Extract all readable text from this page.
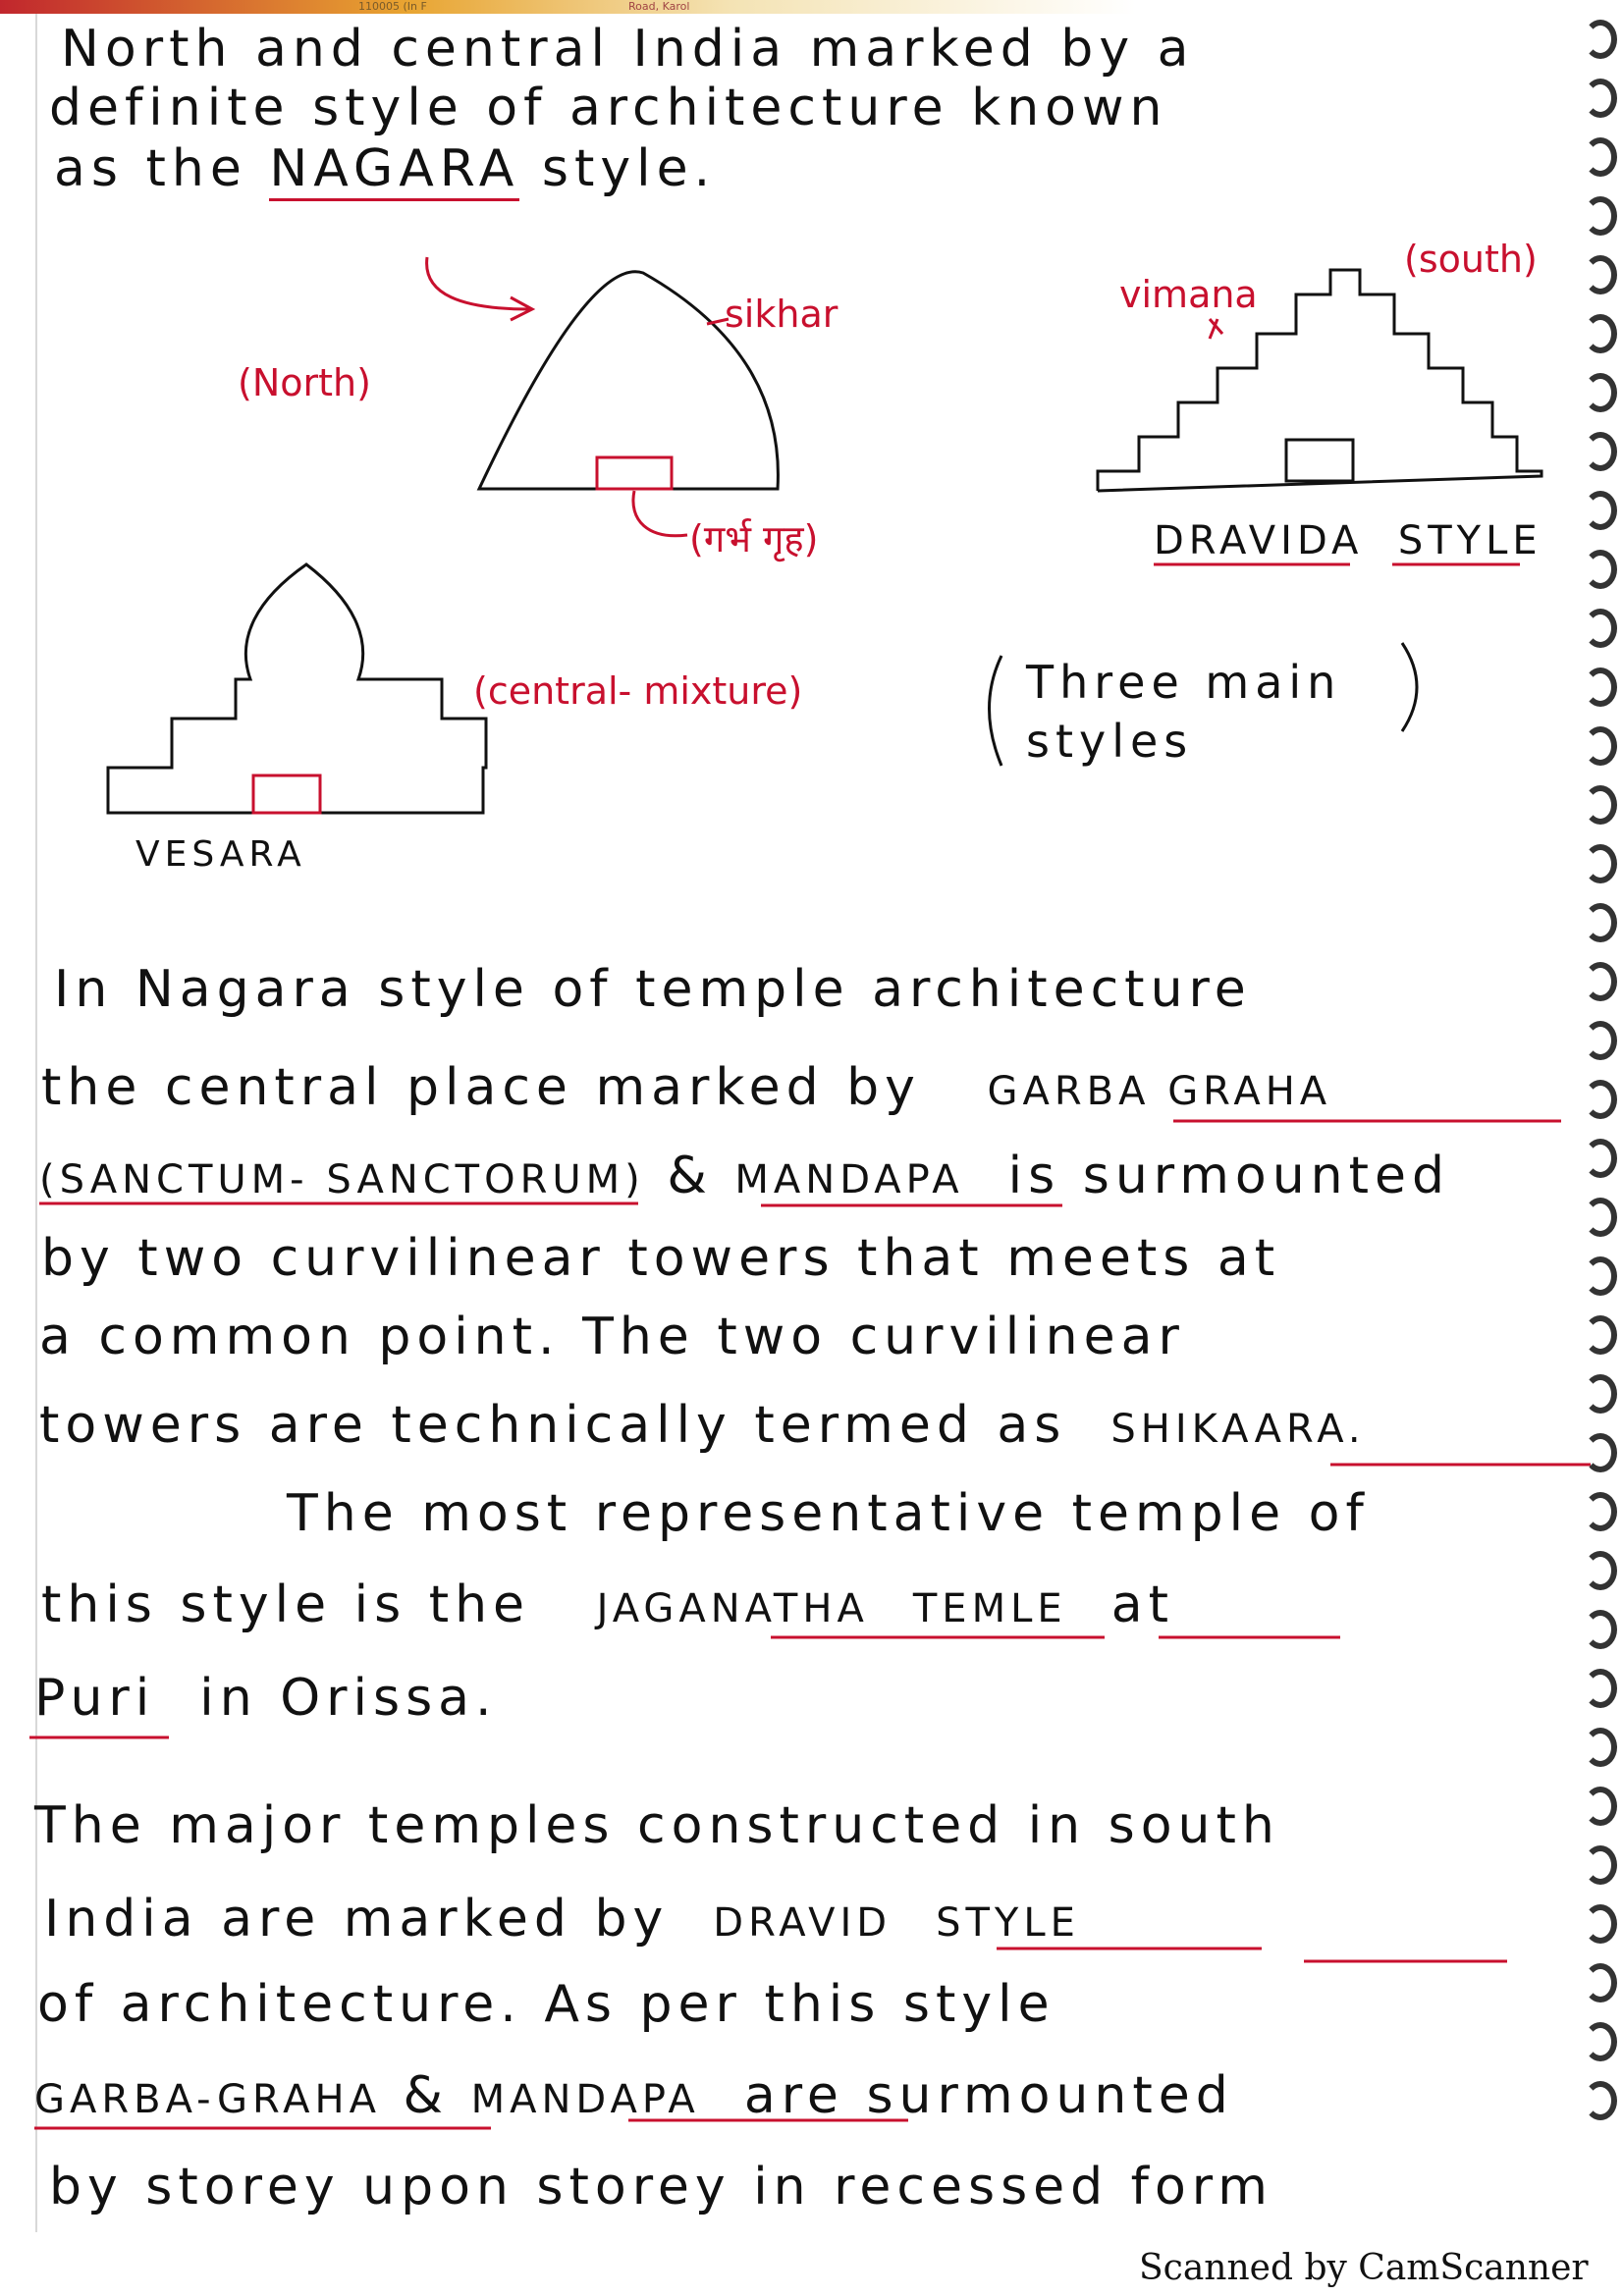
110005 (In F	Road, Karol
North and central India marked by a
definite style of architecture known
as the NAGARA style.
(North)
sikhar
(गर्भ गृह)
(south)
vimana
DRAVIDA STYLE
(central- mixture)
VESARA
Three main
styles
In Nagara style of temple architecture
the central place marked by GARBA GRAHA
(SANCTUM- SANCTORUM) & MANDAPA is surmounted
by two curvilinear towers that meets at
a common point. The two curvilinear
towers are technically termed as SHIKAARA.
The most representative temple of
this style is the JAGANATHA TEMLE at
Puri in Orissa.
The major temples constructed in south
India are marked by DRAVID STYLE
of architecture. As per this style
GARBA-GRAHA & MANDAPA are surmounted
by storey upon storey in recessed form
Scanned by CamScanner
